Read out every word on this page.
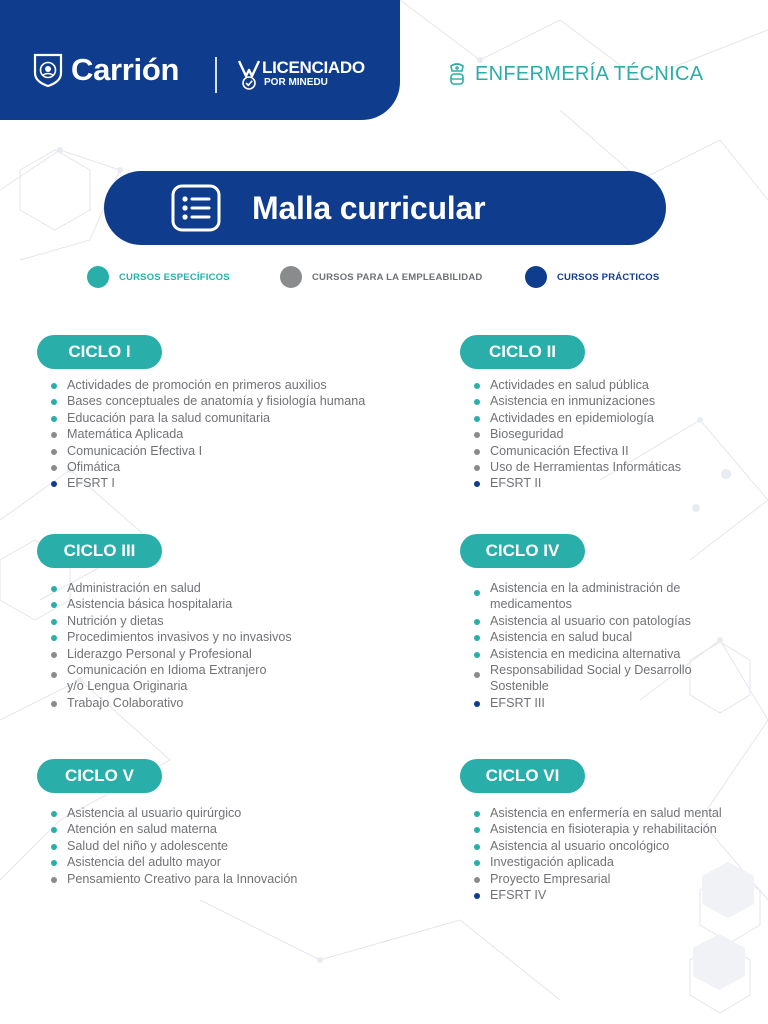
Carrión	LICENCIADO
POR MINEDU	ENFERMERÍA TÉCNICA
Malla curricular
CURSOS ESPECÍFICOS	CURSOS PARA LA EMPLEABILIDAD	CURSOS PRÁCTICOS
CICLO I
Actividades de promoción en primeros auxilios
Bases conceptuales de anatomía y fisiología humana
Educación para la salud comunitaria
Matemática Aplicada
Comunicación Efectiva I
Ofimática
EFSRT I
CICLO II
Actividades en salud pública
Asistencia en inmunizaciones
Actividades en epidemiología
Bioseguridad
Comunicación Efectiva II
Uso de Herramientas Informáticas
EFSRT II
CICLO III
Administración en salud
Asistencia básica hospitalaria
Nutrición y dietas
Procedimientos invasivos y no invasivos
Liderazgo Personal y Profesional
Comunicación en Idioma Extranjero
y/o Lengua Originaria
Trabajo Colaborativo
CICLO IV
Asistencia en la administración de medicamentos
Asistencia al usuario con patologías
Asistencia en salud bucal
Asistencia en medicina alternativa
Responsabilidad Social y Desarrollo Sostenible
EFSRT III
CICLO V
Asistencia al usuario quirúrgico
Atención en salud materna
Salud del niño y adolescente
Asistencia del adulto mayor
Pensamiento Creativo para la Innovación
CICLO VI
Asistencia en enfermería en salud mental
Asistencia en fisioterapia y rehabilitación
Asistencia al usuario oncológico
Investigación aplicada
Proyecto Empresarial
EFSRT IV
